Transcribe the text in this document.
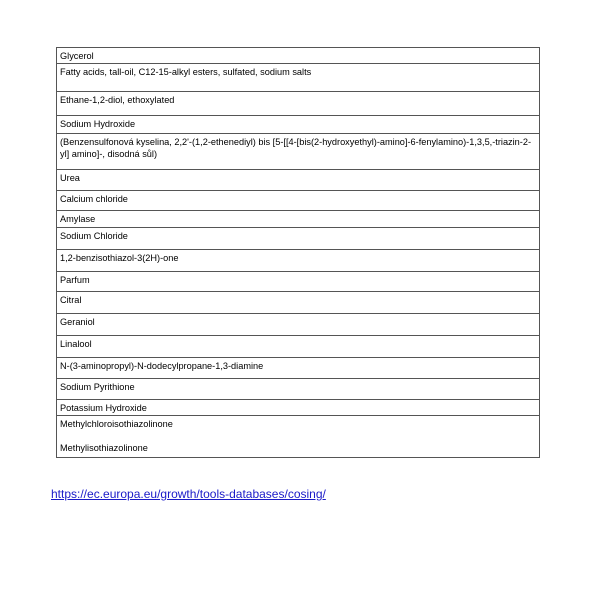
Glycerol

Fatty acids, tall-oil, C12-15-alkyl esters, sulfated, sodium salts

Ethane-1,2-diol, ethoxylated

Sodium Hydroxide

(Benzensulfonová kyselina, 2,2'-(1,2-ethenediyl) bis [5-[[4-[bis(2-hydroxyethyl)-amino]-6-fenylamino)-1,3,5,-triazin-2-yl] amino]-, disodná sůl)

Urea

Calcium chloride

Amylase

Sodium Chloride

1,2-benzisothiazol-3(2H)-one

Parfum

Citral

Geraniol

Linalool

N-(3-aminopropyl)-N-dodecylpropane-1,3-diamine

Sodium Pyrithione

Potassium Hydroxide

Methylchloroisothiazolinone
Methylisothiazolinone
https://ec.europa.eu/growth/tools-databases/cosing/
